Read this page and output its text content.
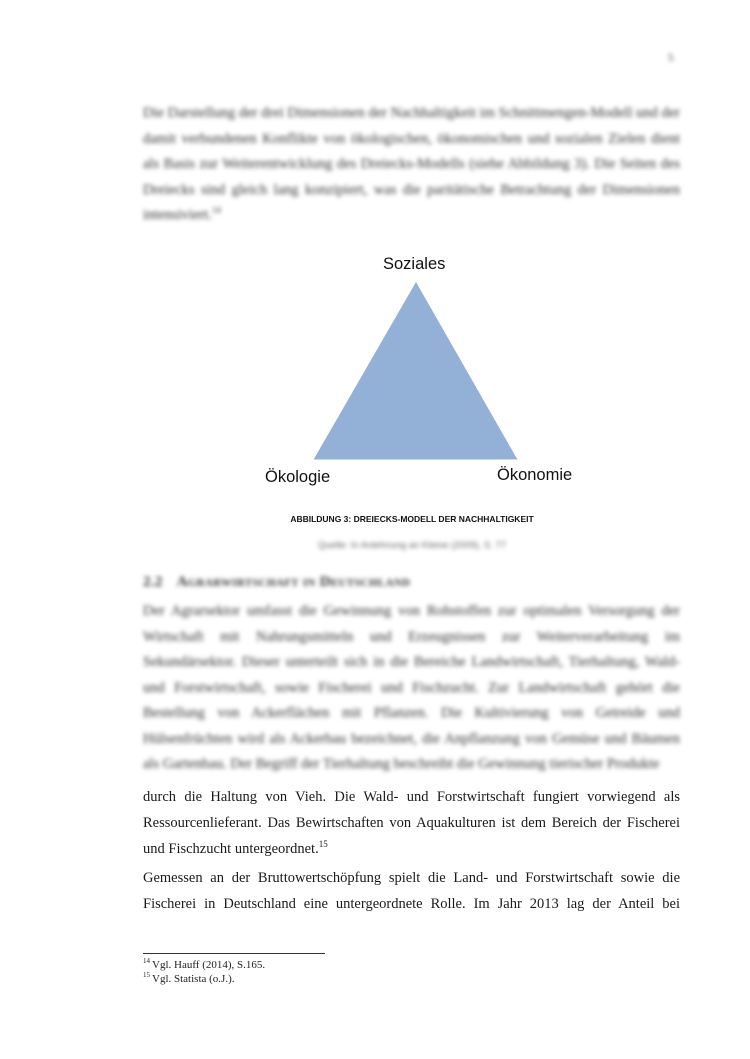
5

Die Darstellung der drei Dimensionen der Nachhaltigkeit im Schnittmengen-Modell und der damit verbundenen Konflikte von ökologischen, ökonomischen und sozialen Zielen dient als Basis zur Weiterentwicklung des Dreiecks-Modells (siehe Abbildung 3). Die Seiten des Dreiecks sind gleich lang konzipiert, was die paritätische Betrachtung der Dimensionen intensiviert.$^{14}$

Soziales
Ökologie	Ökonomie
ABBILDUNG 3: DREIECKS-MODELL DER NACHHALTIGKEIT
Quelle: In Anlehnung an Kleine (2009), S. 77
2.2 Agrarwirtschaft in Deutschland

Der Agrarsektor umfasst die Gewinnung von Rohstoffen zur optimalen Versorgung der Wirtschaft mit Nahrungsmitteln und Erzeugnissen zur Weiterverarbeitung im Sekundärsektor. Dieser unterteilt sich in die Bereiche Landwirtschaft, Tierhaltung, Wald- und Forstwirtschaft, sowie Fischerei und Fischzucht. Zur Landwirtschaft gehört die Bestellung von Ackerflächen mit Pflanzen. Die Kultivierung von Getreide und Hülsenfrüchten wird als Ackerbau bezeichnet, die Anpflanzung von Gemüse und Bäumen als Gartenbau. Der Begriff der Tierhaltung beschreibt die Gewinnung tierischer Produkte

durch die Haltung von Vieh. Die Wald- und Forstwirtschaft fungiert vorwiegend als
Ressourcenlieferant. Das Bewirtschaften von Aquakulturen ist dem Bereich der Fischerei
und Fischzucht untergeordnet.$^{15}$
Gemessen an der Bruttowertschöpfung spielt die Land- und Forstwirtschaft sowie die
Fischerei in Deutschland eine untergeordnete Rolle. Im Jahr 2013 lag der Anteil bei
$^{14}$ Vgl. Hauff (2014), S.165.
$^{15}$ Vgl. Statista (o.J.).
